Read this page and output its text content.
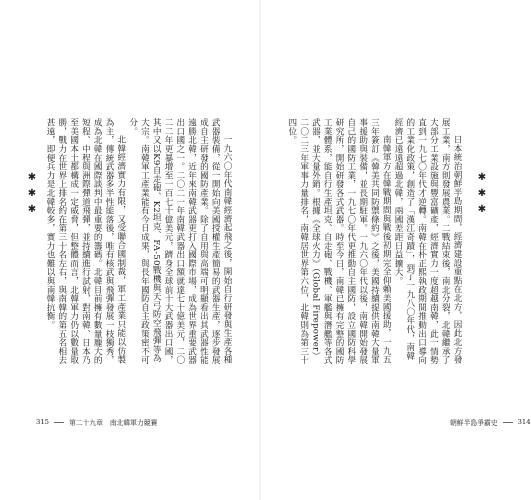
日本統治朝鮮半島期間，經濟建設重點在北方，因此北方發展工業，南方則發展農業。二戰結束後，南北分裂，北韓繼承了大部分工業設施與豐富礦產，經濟實力一度超越南韓，此一情勢直到一九七〇年代才逆轉。南韓在朴正熙執政期間推動出口導向的工業化政策，創造了「漢江奇蹟」，到了一九八〇年代，南韓經濟已遠遠超過北韓，兩國差距日益擴大。

南韓軍方在韓戰期間與戰後初期完全仰賴美國援助，一九五三年簽訂《韓美共同防禦條約》之後，美國持續提供南韓大量軍事援助與裝備，並長期駐軍。一九六〇年代以後，南韓開始發展自己的國防工業，一九七〇年代更推動自主國防，設立國防科學研究所，開始研發各式武器。時至今日，南韓已擁有完整的國防工業體系，能自行生產坦克、自走砲、戰機、軍艦與潛艦等各式武器，並大量外銷。根據《全球火力》（Global Firepower）二〇二三年軍事力量排名，南韓居世界第六位，北韓則為第三十四位。

✱
✱
✱
朝鮮半島爭霸史	314

一九六〇年代南韓經濟起飛之後，開始自行研發與生產各種武器裝備，從一開始向美國授權生產簡易的武器生產，逐步發展成自主研發的國防產業。除了自用與高端可明顯看出其武器性能遠勝北韓，近年來南韓武器更打入國際市場，成為世界重要武器出口國之一。二〇二一年南韓武器出口額就達七十億美元，二〇二二年更暴增至一百七十億美元，躋身全球前十大武器出口國，其中又以K9自走砲、K2坦克、FA-50戰機與天弓防空飛彈等為大宗。南韓軍工產業能有今日成果，與長年國防自主政策密不可分。

北韓經濟實力有限，又受聯合國制裁，軍工產業只能以仿製為主，傳統武器多半性能落後，唯有核武與飛彈發展一枝獨秀，成為北韓在國際談判中最重要的籌碼。北韓目前擁有數量龐大的短程、中程與洲際彈道飛彈，並持續進行試射，對南韓、日本乃至美國本土都構成一定威脅，但整體而言，北韓軍力仍以數量取勝，戰力在世界上排名約在第三十名左右，與南韓的第五名相去甚遠，即便兵力是北韓較多，實力也難以與南韓抗衡。

✱
✱
✱
315	第二十九章　南北韓軍力競賽
